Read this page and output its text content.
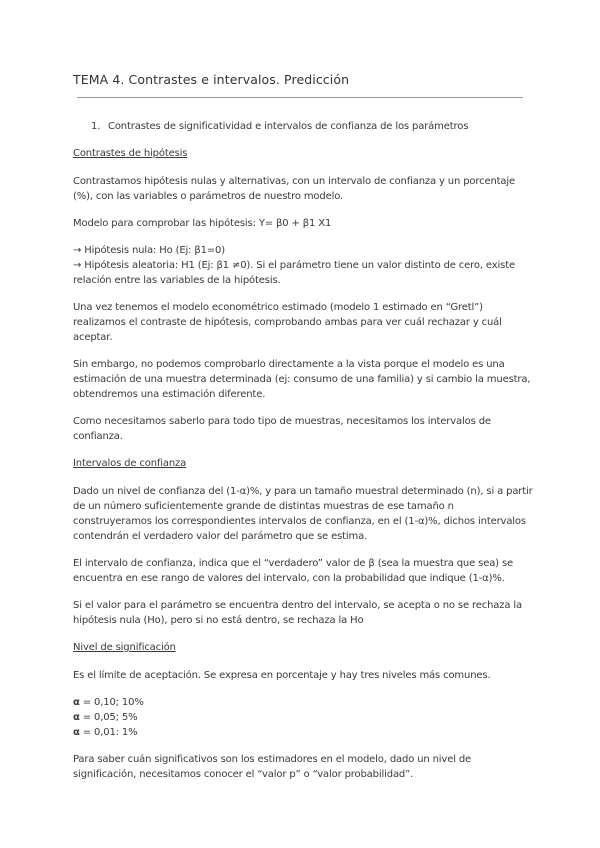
TEMA 4. Contrastes e intervalos. Predicción

1. Contrastes de significatividad e intervalos de confianza de los parámetros

Contrastes de hipótesis

Contrastamos hipótesis nulas y alternativas, con un intervalo de confianza y un porcentaje (%), con las variables o parámetros de nuestro modelo.

Modelo para comprobar las hipótesis: Y= β0 + β1 X1

→ Hipótesis nula: Ho (Ej: β1=0)

→ Hipótesis aleatoria: H1 (Ej: β1 ≠0). Si el parámetro tiene un valor distinto de cero, existe relación entre las variables de la hipótesis.

Una vez tenemos el modelo econométrico estimado (modelo 1 estimado en “Gretl”) realizamos el contraste de hipótesis, comprobando ambas para ver cuál rechazar y cuál aceptar.

Sin embargo, no podemos comprobarlo directamente a la vista porque el modelo es una estimación de una muestra determinada (ej: consumo de una familia) y si cambio la muestra, obtendremos una estimación diferente.

Como necesitamos saberlo para todo tipo de muestras, necesitamos los intervalos de confianza.

Intervalos de confianza

Dado un nivel de confianza del (1-α)%, y para un tamaño muestral determinado (n), si a partir de un número suficientemente grande de distintas muestras de ese tamaño n construyeramos los correspondientes intervalos de confianza, en el (1-α)%, dichos intervalos contendrán el verdadero valor del parámetro que se estima.

El intervalo de confianza, indica que el “verdadero” valor de β (sea la muestra que sea) se encuentra en ese rango de valores del intervalo, con la probabilidad que indique (1-α)%.

Si el valor para el parámetro se encuentra dentro del intervalo, se acepta o no se rechaza la hipótesis nula (Ho), pero si no está dentro, se rechaza la Ho

Nivel de significación

Es el límite de aceptación. Se expresa en porcentaje y hay tres niveles más comunes.

α = 0,10; 10%

α = 0,05; 5%

α = 0,01: 1%

Para saber cuán significativos son los estimadores en el modelo, dado un nivel de significación, necesitamos conocer el “valor p” o “valor probabilidad”.
